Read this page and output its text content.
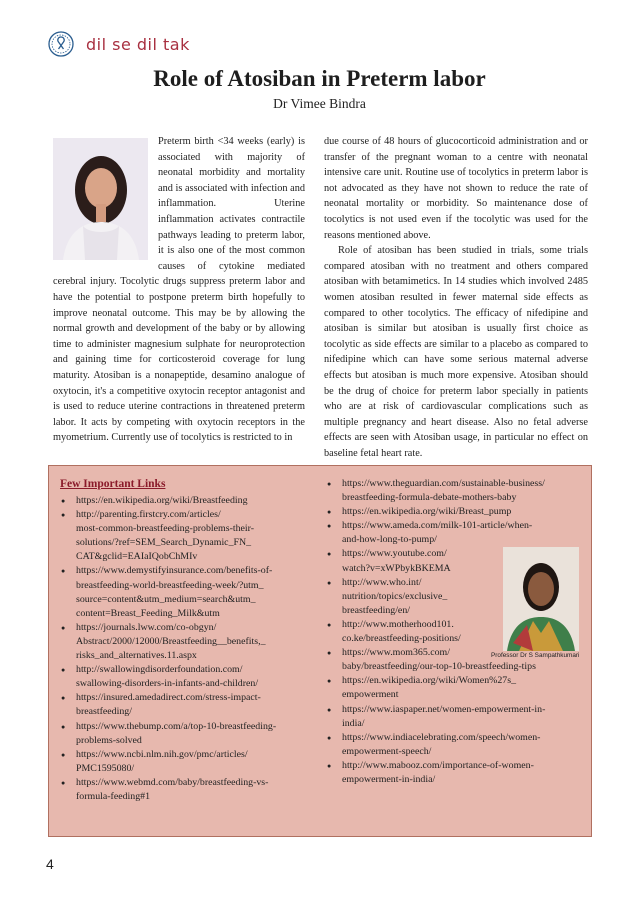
dil se dil tak
Role of Atosiban in Preterm labor
Dr Vimee Bindra

Preterm birth <34 weeks (early) is associated with majority of neonatal morbidity and mortality and is associated with infection and inflammation. Uterine inflammation activates contractile pathways leading to preterm labor, it is also one of the most common causes of cytokine mediated cerebral injury. Tocolytic drugs suppress preterm labor and have the potential to postpone preterm birth hopefully to improve neonatal outcome. This may be by allowing the normal growth and development of the baby or by allowing time to administer magnesium sulphate for neuroprotection and gaining time for corticosteroid coverage for lung maturity. Atosiban is a nonapeptide, desamino analogue of oxytocin, it's a competitive oxytocin receptor antagonist and is used to reduce uterine contractions in threatened preterm labor. It acts by competing with oxytocin receptors in the myometrium. Currently use of tocolytics is restricted to in

due course of 48 hours of glucocorticoid administration and or transfer of the pregnant woman to a centre with neonatal intensive care unit. Routine use of tocolytics in preterm labor is not advocated as they have not shown to reduce the rate of neonatal mortality or morbidity. So maintenance dose of tocolytics is not used even if the tocolytic was used for the reasons mentioned above.

Role of atosiban has been studied in trials, some trials compared atosiban with no treatment and others compared atosiban with betamimetics. In 14 studies which involved 2485 women atosiban resulted in fewer maternal side effects as compared to other tocolytics. The efficacy of nifedipine and atosiban is similar but atosiban is usually first choice as tocolytic as side effects are similar to a placebo as compared to nifedipine which can have some serious maternal adverse effects but atosiban is much more expensive. Atosiban should be the drug of choice for preterm labor specially in patients who are at risk of cardiovascular complications such as multiple pregnancy and heart disease. Also no fetal adverse effects are seen with Atosiban usage, in particular no effect on baseline fetal heart rate.

Few Important Links
● https://en.wikipedia.org/wiki/Breastfeeding
● http://parenting.firstcry.com/articles/
most-common-breastfeeding-problems-their-
solutions/?ref=SEM_Search_Dynamic_FN_
CAT&gclid=EAIaIQobChMIv
● https://www.demystifyinsurance.com/benefits-of-
breastfeeding-world-breastfeeding-week/?utm_
source=content&utm_medium=search&utm_
content=Breast_Feeding_Milk&utm
● https://journals.lww.com/co-obgyn/
Abstract/2000/12000/Breastfeeding__benefits,_
risks_and_alternatives.11.aspx
● http://swallowingdisorderfoundation.com/
swallowing-disorders-in-infants-and-children/
● https://insured.amedadirect.com/stress-impact-
breastfeeding/
● https://www.thebump.com/a/top-10-breastfeeding-
problems-solved
● https://www.ncbi.nlm.nih.gov/pmc/articles/
PMC1595080/
● https://www.webmd.com/baby/breastfeeding-vs-
formula-feeding#1
● https://www.theguardian.com/sustainable-business/
breastfeeding-formula-debate-mothers-baby
● https://en.wikipedia.org/wiki/Breast_pump
● https://www.ameda.com/milk-101-article/when-
and-how-long-to-pump/
● https://www.youtube.com/
watch?v=xWPbykBKEMA
● http://www.who.int/
nutrition/topics/exclusive_
breastfeeding/en/
● http://www.motherhood101.
co.ke/breastfeeding-positions/
● https://www.mom365.com/
baby/breastfeeding/our-top-10-breastfeeding-tips
● https://en.wikipedia.org/wiki/Women%27s_
empowerment
● https://www.iaspaper.net/women-empowerment-in-
india/
● https://www.indiacelebrating.com/speech/women-
empowerment-speech/
● http://www.mabooz.com/importance-of-women-
empowerment-in-india/
Professor Dr S Sampathkumari
4
